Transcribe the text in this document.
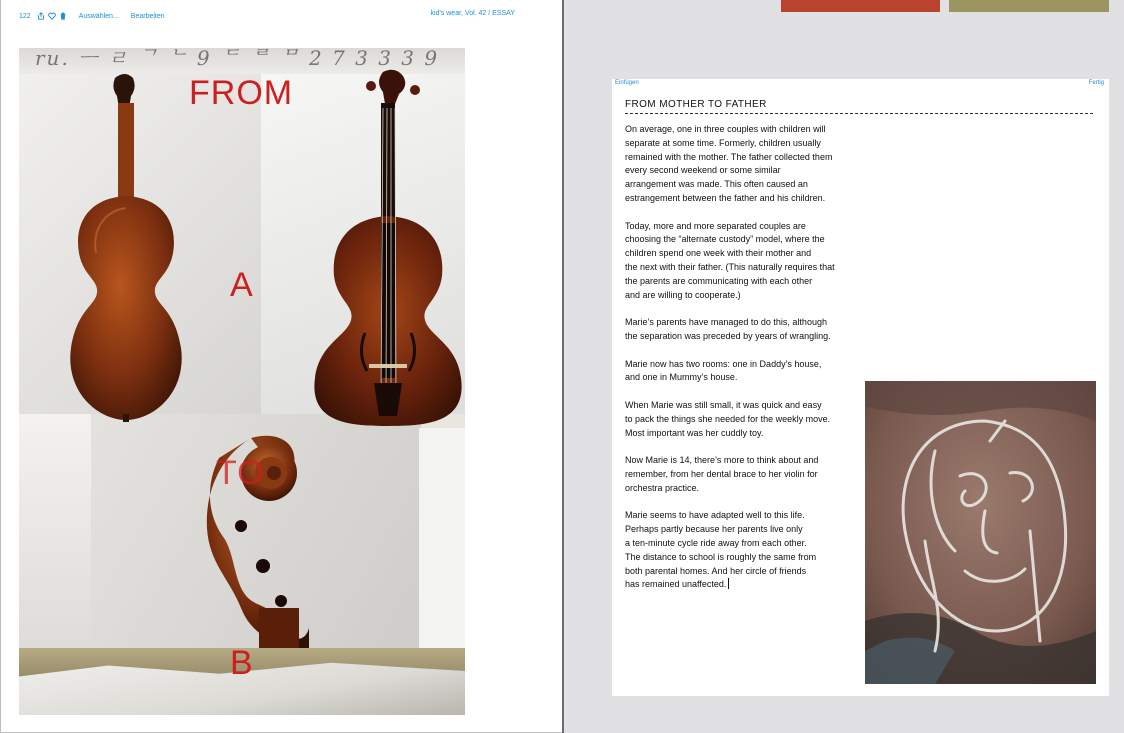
122	Auswählen... Bearbeiten	kid's wear, Vol. 42 / ESSAY
ru. ㅡ ㄹ ᄀ ᄂ 9 ᄃ ᄅ ᄆ 2 7 3 3 3 9
FROM
A
TO
B
Einfügen	Fertig
FROM MOTHER TO FATHER

On average, one in three couples with children will
separate at some time. Formerly, children usually
remained with the mother. The father collected them
every second weekend or some similar
arrangement was made. This often caused an
estrangement between the father and his children.

Today, more and more separated couples are
choosing the “alternate custody” model, where the
children spend one week with their mother and
the next with their father. (This naturally requires that
the parents are communicating with each other
and are willing to cooperate.)

Marie’s parents have managed to do this, although
the separation was preceded by years of wrangling.

Marie now has two rooms: one in Daddy’s house,
and one in Mummy’s house.

When Marie was still small, it was quick and easy
to pack the things she needed for the weekly move.
Most important was her cuddly toy.

Now Marie is 14, there’s more to think about and
remember, from her dental brace to her violin for
orchestra practice.

Marie seems to have adapted well to this life.
Perhaps partly because her parents live only
a ten-minute cycle ride away from each other.
The distance to school is roughly the same from
both parental homes. And her circle of friends
has remained unaffected.
